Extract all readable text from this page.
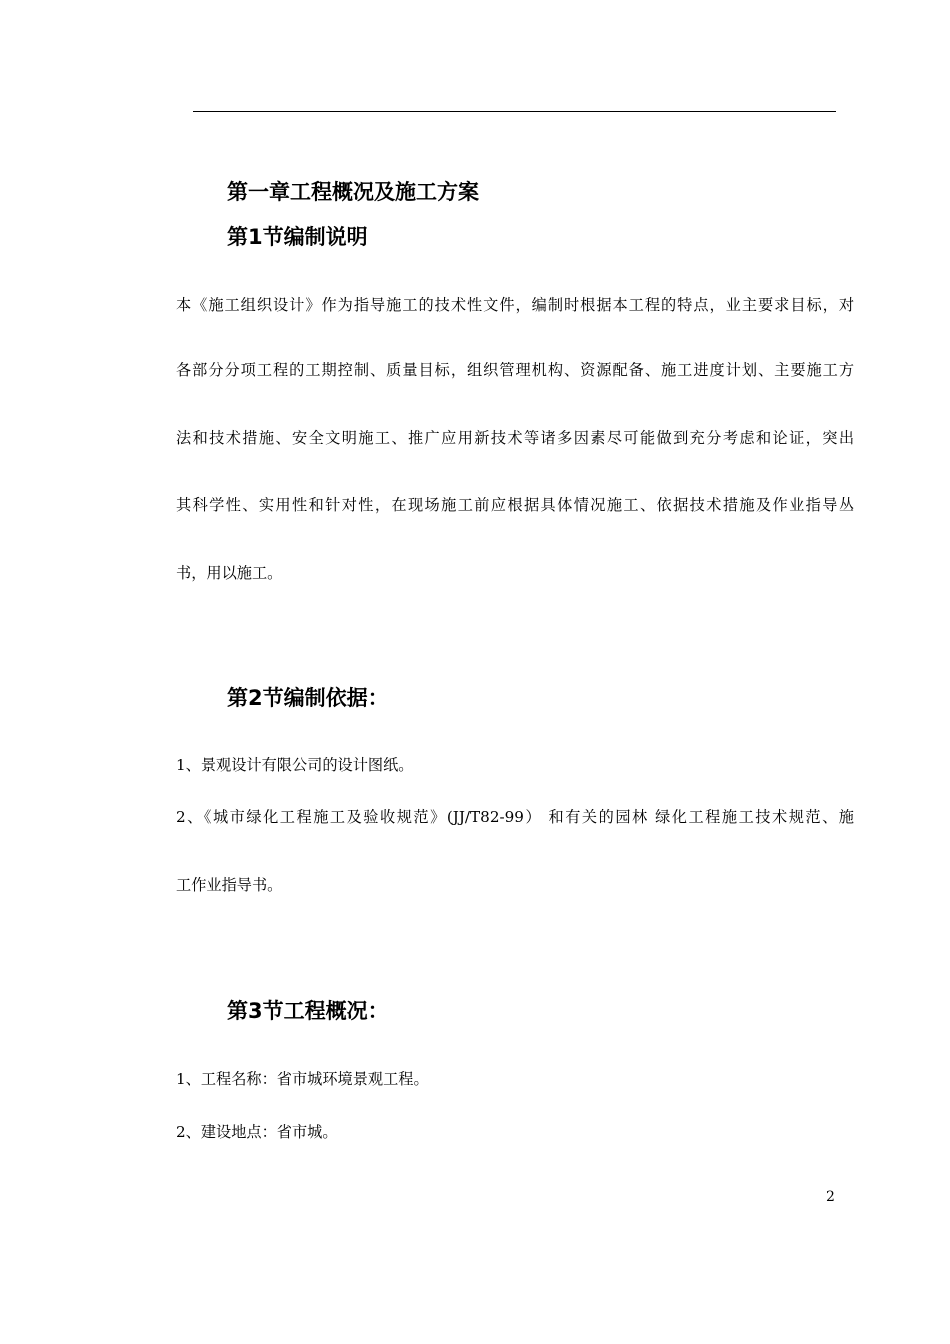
第一章工程概况及施工方案
第1节编制说明

本《施工组织设计》作为指导施工的技术性文件，编制时根据本工程的特点，业主要求目标，对

各部分分项工程的工期控制、质量目标，组织管理机构、资源配备、施工进度计划、主要施工方

法和技术措施、安全文明施工、推广应用新技术等诸多因素尽可能做到充分考虑和论证，突出

其科学性、实用性和针对性，在现场施工前应根据具体情况施工、依据技术措施及作业指导丛

书，用以施工。

第2节编制依据：

1、景观设计有限公司的设计图纸。

2、《城市绿化工程施工及验收规范》(JJ/T82-99） 和有关的园林 绿化工程施工技术规范、施

工作业指导书。

第3节工程概况：

1、工程名称：省市城环境景观工程。

2、建设地点：省市城。

2
